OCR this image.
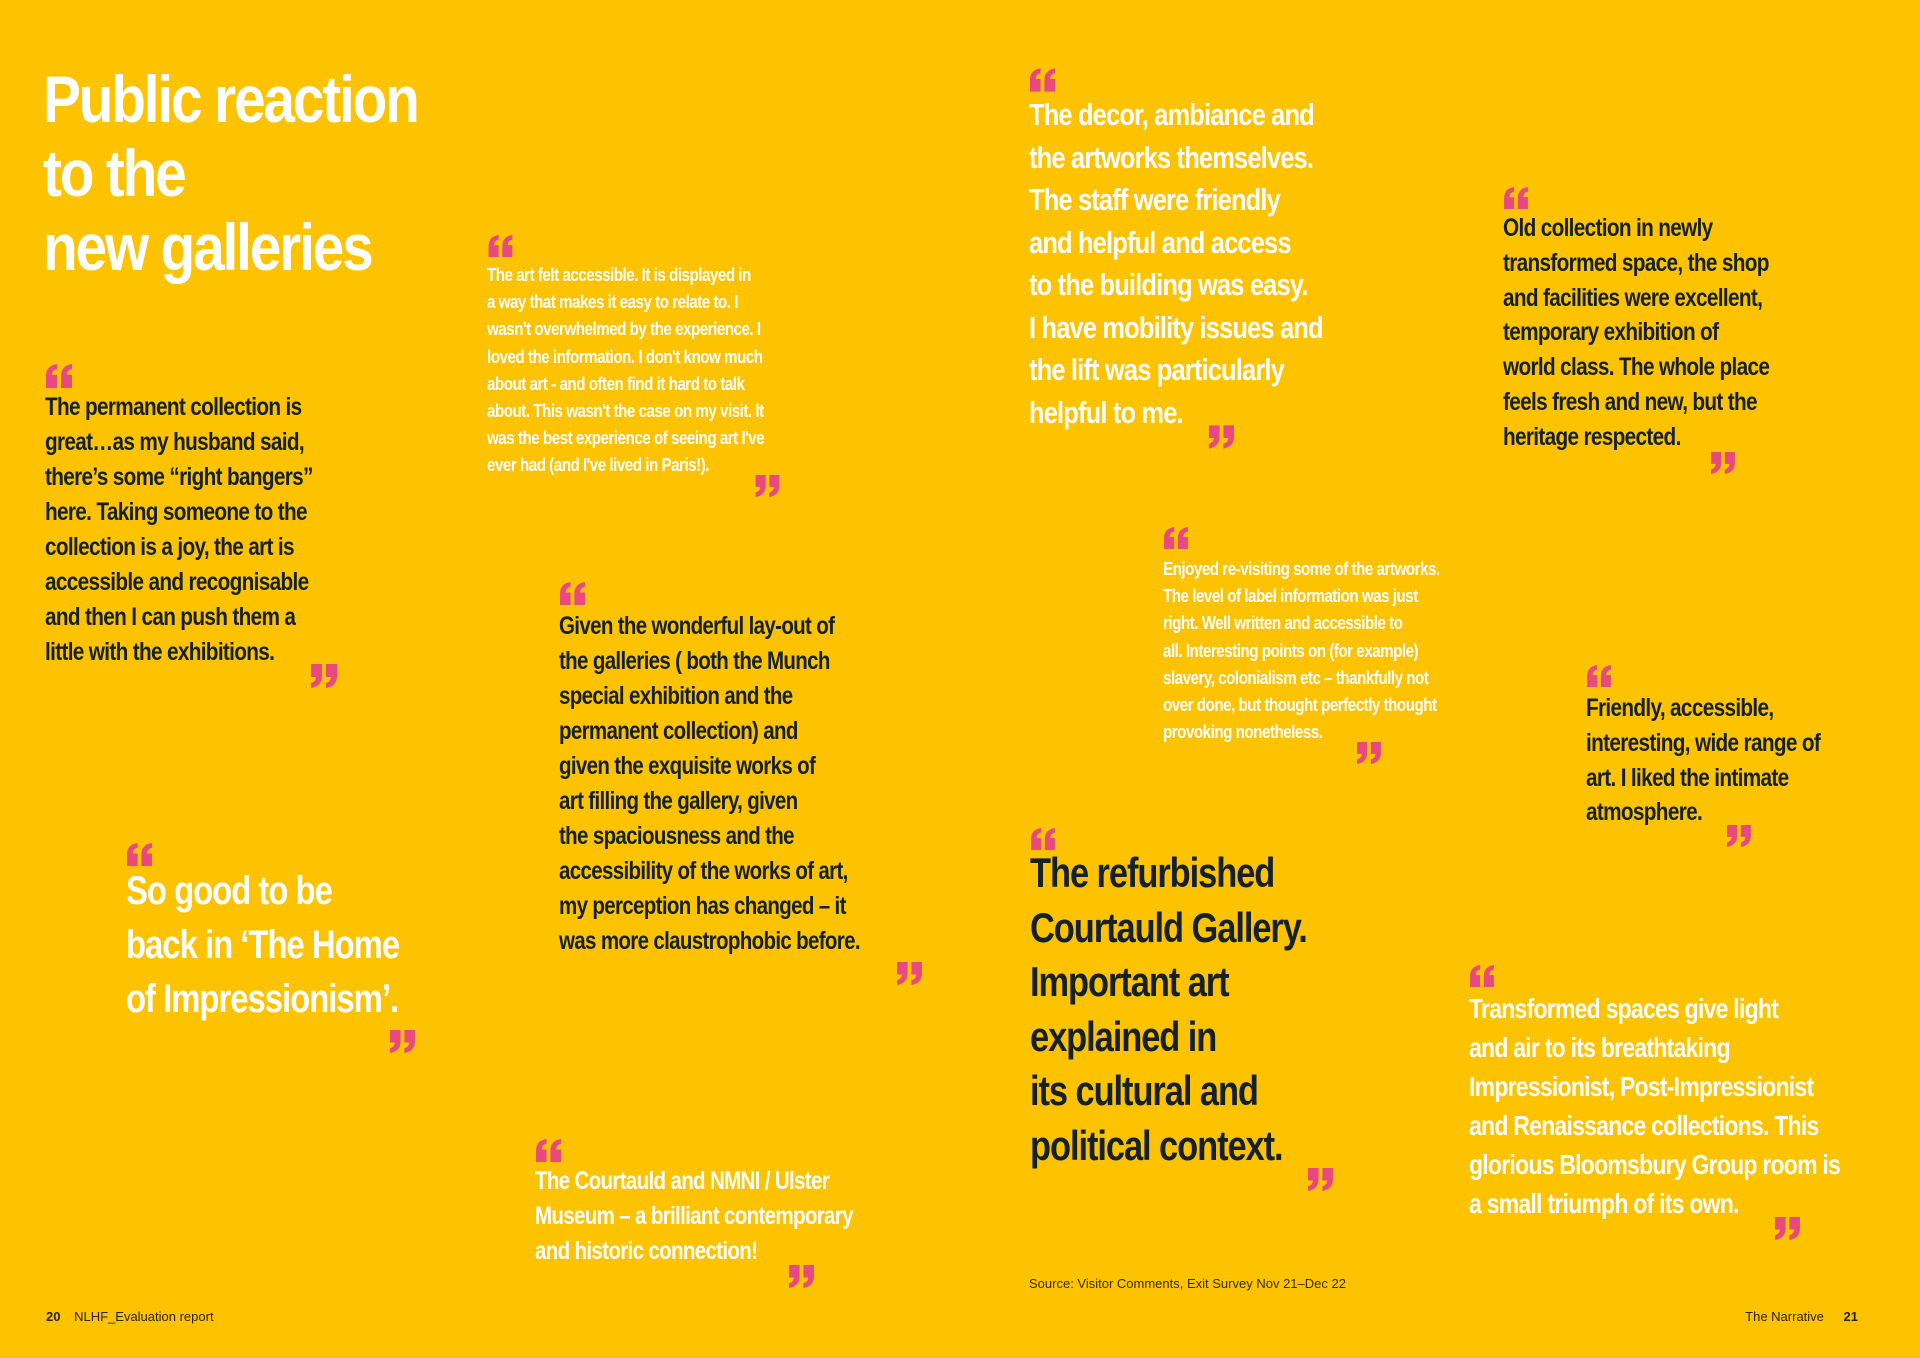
Public reaction
to the
new galleries
The permanent collection is
great…as my husband said,
there’s some “right bangers”
here. Taking someone to the
collection is a joy, the art is
accessible and recognisable
and then I can push them a
little with the exhibitions.
The art felt accessible. It is displayed in
a way that makes it easy to relate to. I
wasn't overwhelmed by the experience. I
loved the information. I don't know much
about art - and often find it hard to talk
about. This wasn't the case on my visit. It
was the best experience of seeing art I've
ever had (and I've lived in Paris!).
Given the wonderful lay-out of
the galleries ( both the Munch
special exhibition and the
permanent collection) and
given the exquisite works of
art filling the gallery, given
the spaciousness and the
accessibility of the works of art,
my perception has changed – it
was more claustrophobic before.
So good to be
back in ‘The Home
of Impressionism’.
The Courtauld and NMNI / Ulster
Museum – a brilliant contemporary
and historic connection!
The decor, ambiance and
the artworks themselves.
The staff were friendly
and helpful and access
to the building was easy.
I have mobility issues and
the lift was particularly
helpful to me.
Old collection in newly
transformed space, the shop
and facilities were excellent,
temporary exhibition of
world class. The whole place
feels fresh and new, but the
heritage respected.
Enjoyed re-visiting some of the artworks.
The level of label information was just
right. Well written and accessible to
all. Interesting points on (for example)
slavery, colonialism etc – thankfully not
over done, but thought perfectly thought
provoking nonetheless.
Friendly, accessible,
interesting, wide range of
art. I liked the intimate
atmosphere.
The refurbished
Courtauld Gallery.
Important art
explained in
its cultural and
political context.
Transformed spaces give light
and air to its breathtaking
Impressionist, Post-Impressionist
and Renaissance collections. This
glorious Bloomsbury Group room is
a small triumph of its own.
Source: Visitor Comments, Exit Survey Nov 21–Dec 22
20 NLHF_Evaluation report	The Narrative 21
